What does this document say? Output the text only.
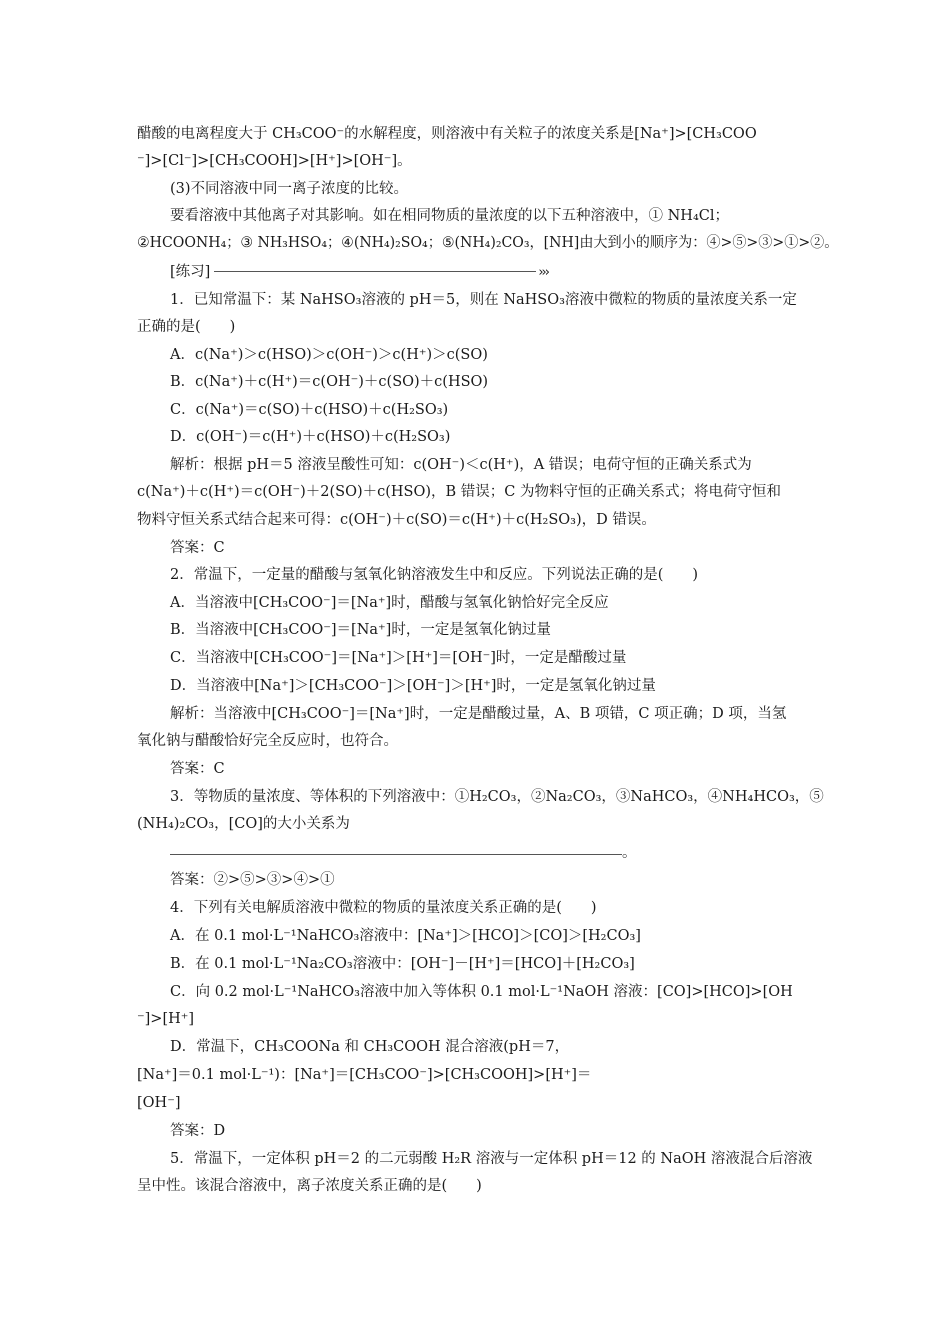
[练习]	›››
。
醋酸的电离程度大于 CH₃COO⁻的水解程度，则溶液中有关粒子的浓度关系是[Na⁺]>[CH₃COO
⁻]>[Cl⁻]>[CH₃COOH]>[H⁺]>[OH⁻]。
(3)不同溶液中同一离子浓度的比较。
要看溶液中其他离子对其影响。如在相同物质的量浓度的以下五种溶液中，① NH₄Cl；
②HCOONH₄；③ NH₃HSO₄；④(NH₄)₂SO₄；⑤(NH₄)₂CO₃，[NH]由大到小的顺序为：④>⑤>③>①>②。
1．已知常温下：某 NaHSO₃溶液的 pH＝5，则在 NaHSO₃溶液中微粒的物质的量浓度关系一定
正确的是(　　)
A．c(Na⁺)＞c(HSO)＞c(OH⁻)＞c(H⁺)＞c(SO)
B．c(Na⁺)＋c(H⁺)＝c(OH⁻)＋c(SO)＋c(HSO)
C．c(Na⁺)＝c(SO)＋c(HSO)＋c(H₂SO₃)
D．c(OH⁻)＝c(H⁺)＋c(HSO)＋c(H₂SO₃)
解析：根据 pH＝5 溶液呈酸性可知：c(OH⁻)＜c(H⁺)，A 错误；电荷守恒的正确关系式为
c(Na⁺)＋c(H⁺)＝c(OH⁻)＋2(SO)＋c(HSO)，B 错误；C 为物料守恒的正确关系式；将电荷守恒和
物料守恒关系式结合起来可得：c(OH⁻)＋c(SO)＝c(H⁺)＋c(H₂SO₃)，D 错误。
答案：C
2．常温下，一定量的醋酸与氢氧化钠溶液发生中和反应。下列说法正确的是(　　)
A．当溶液中[CH₃COO⁻]＝[Na⁺]时，醋酸与氢氧化钠恰好完全反应
B．当溶液中[CH₃COO⁻]＝[Na⁺]时，一定是氢氧化钠过量
C．当溶液中[CH₃COO⁻]＝[Na⁺]＞[H⁺]＝[OH⁻]时，一定是醋酸过量
D．当溶液中[Na⁺]＞[CH₃COO⁻]＞[OH⁻]＞[H⁺]时，一定是氢氧化钠过量
解析：当溶液中[CH₃COO⁻]＝[Na⁺]时，一定是醋酸过量，A、B 项错，C 项正确；D 项，当氢
氧化钠与醋酸恰好完全反应时，也符合。
答案：C
3．等物质的量浓度、等体积的下列溶液中：①H₂CO₃，②Na₂CO₃，③NaHCO₃，④NH₄HCO₃，⑤
(NH₄)₂CO₃，[CO]的大小关系为
答案：②>⑤>③>④>①
4．下列有关电解质溶液中微粒的物质的量浓度关系正确的是(　　)
A．在 0.1 mol·L⁻¹NaHCO₃溶液中：[Na⁺]＞[HCO]＞[CO]＞[H₂CO₃]
B．在 0.1 mol·L⁻¹Na₂CO₃溶液中：[OH⁻]－[H⁺]＝[HCO]＋[H₂CO₃]
C．向 0.2 mol·L⁻¹NaHCO₃溶液中加入等体积 0.1 mol·L⁻¹NaOH 溶液：[CO]>[HCO]>[OH
⁻]>[H⁺]
D．常温下，CH₃COONa 和 CH₃COOH 混合溶液(pH＝7，
[Na⁺]＝0.1 mol·L⁻¹)：[Na⁺]＝[CH₃COO⁻]>[CH₃COOH]>[H⁺]＝
[OH⁻]
答案：D
5．常温下，一定体积 pH＝2 的二元弱酸 H₂R 溶液与一定体积 pH＝12 的 NaOH 溶液混合后溶液
呈中性。该混合溶液中，离子浓度关系正确的是(　　)
